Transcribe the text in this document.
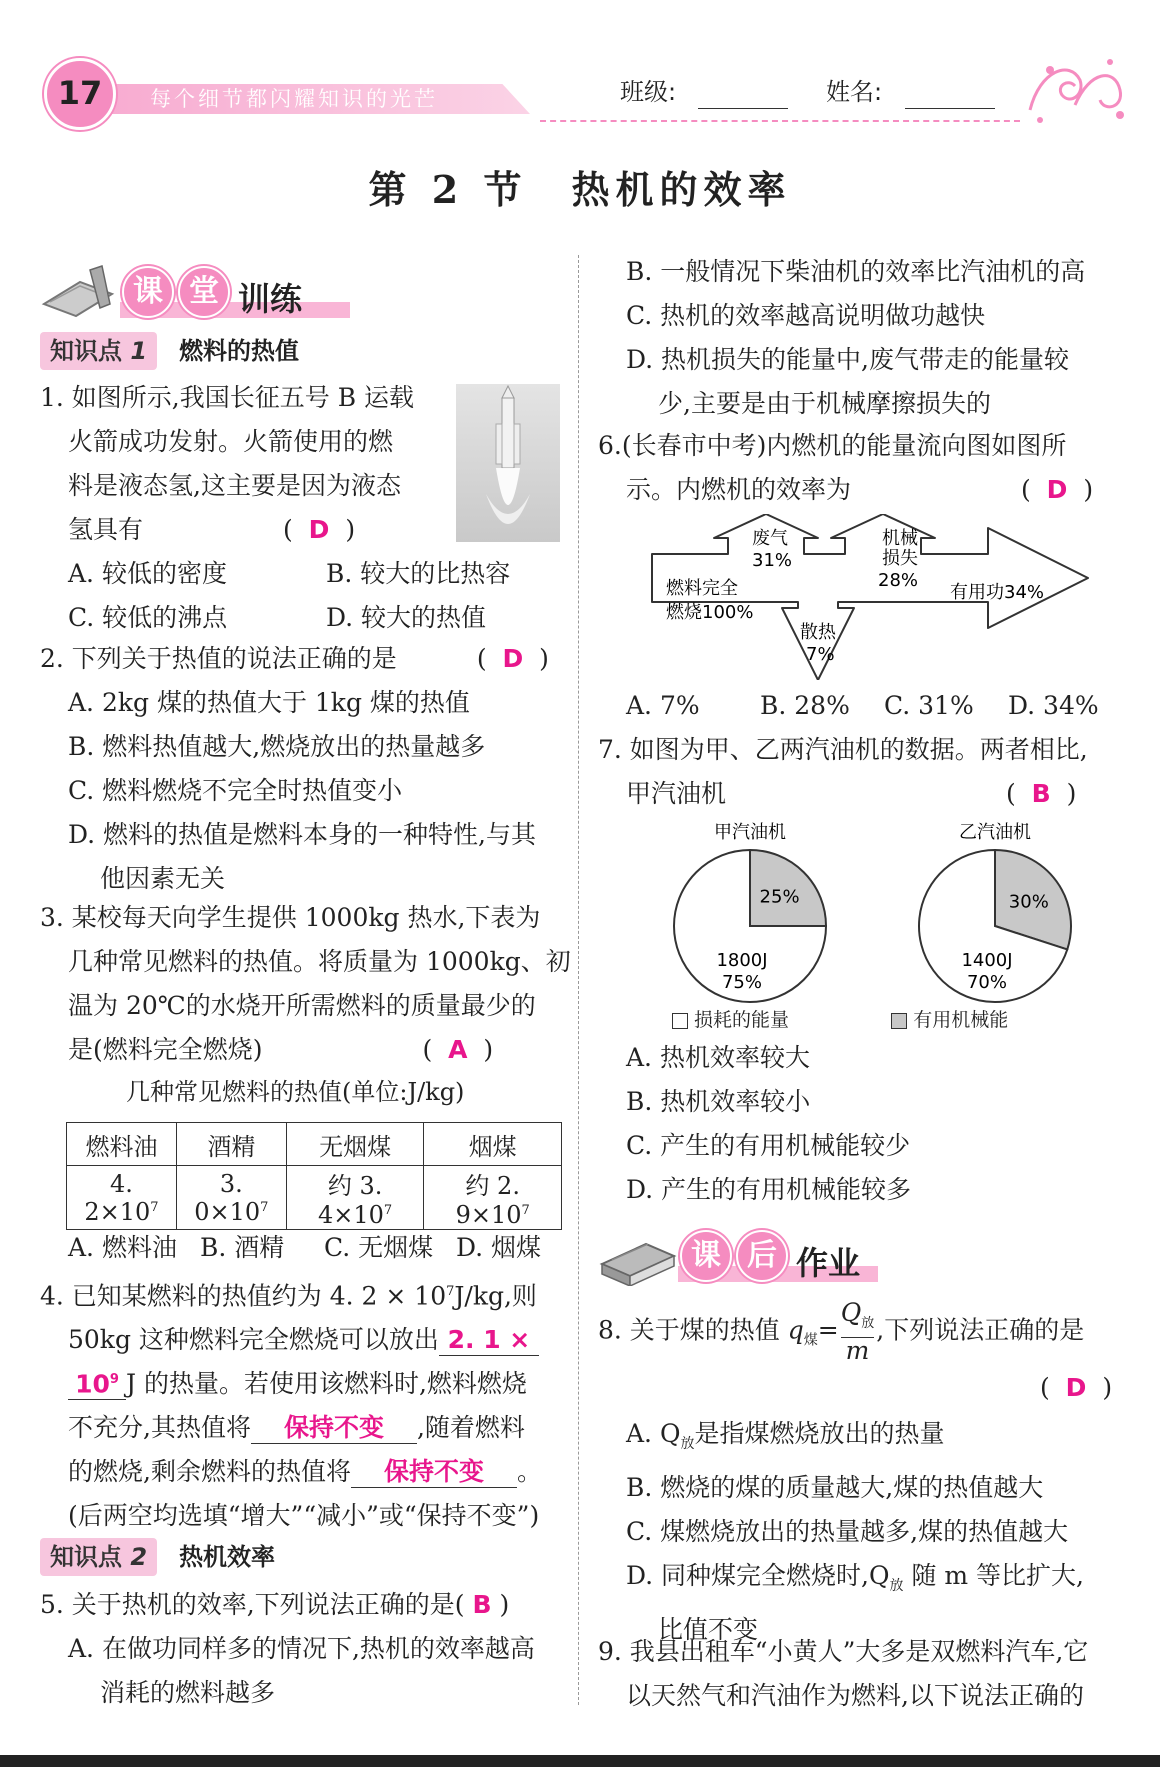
17	每个细节都闪耀知识的光芒	班级:	姓名:
第 2 节　热机的效率
课 堂 训练
知识点 1 燃料的热值
1. 如图所示,我国长征五号 B 运载
火箭成功发射。火箭使用的燃
料是液态氢,这主要是因为液态
氢具有	(  D  )
A. 较低的密度	B. 较大的比热容
C. 较低的沸点	D. 较大的热值
2. 下列关于热值的说法正确的是	(  D  )
A. 2kg 煤的热值大于 1kg 煤的热值
B. 燃料热值越大,燃烧放出的热量越多
C. 燃料燃烧不完全时热值变小
D. 燃料的热值是燃料本身的一种特性,与其
他因素无关
3. 某校每天向学生提供 1000kg 热水,下表为
几种常见燃料的热值。将质量为 1000kg、初
温为 20℃的水烧开所需燃料的质量最少的
是(燃料完全燃烧)	(  A  )
几种常见燃料的热值(单位:J/kg)
燃料油	酒精	无烟煤	烟煤
4. $2\times 10^7$	3. $0\times 10^7$	约 3. $4\times 10^7$	约 2. $9\times 10^7$
A. 燃料油 B. 酒精 C. 无烟煤 D. 烟煤
4. 已知某燃料的热值约为 4. $2 \times 10^7J/kg$,则
50kg 这种燃料完全燃烧可以放出 2. 1 ×
$10^9$ J 的热量。若使用该燃料时,燃料燃烧
不充分,其热值将 保持不变 ,随着燃料
的燃烧,剩余燃料的热值将 保持不变 。
(后两空均选填“增大”“减小”或“保持不变”)
知识点 2 热机效率
5. 关于热机的效率,下列说法正确的是( B )
A. 在做功同样多的情况下,热机的效率越高
消耗的燃料越多
B. 一般情况下柴油机的效率比汽油机的高
C. 热机的效率越高说明做功越快
D. 热机损失的能量中,废气带走的能量较
少,主要是由于机械摩擦损失的
6.(长春市中考)内燃机的能量流向图如图所
示。内燃机的效率为	(  D  )
燃料完全
燃烧100%
废气
31%
机械
损失
28%
有用功34%
散热
7%
A. 7% B. 28% C. 31% D. 34%
7. 如图为甲、乙两汽油机的数据。两者相比,
甲汽油机	(  B  )
甲汽油机	乙汽油机
25%
1800J
75%
30%
1400J
70%
损耗的能量	有用机械能
A. 热机效率较大
B. 热机效率较小
C. 产生的有用机械能较少
D. 产生的有用机械能较多
课 后 作业
8. 关于煤的热值 $q_煤=$
$Q_放$
m
,下列说法正确的是
(  D  )
A. $Q_放$是指煤燃烧放出的热量
B. 燃烧的煤的质量越大,煤的热值越大
C. 煤燃烧放出的热量越多,煤的热值越大
D. 同种煤完全燃烧时$,Q_放$ 随 m 等比扩大,
比值不变
9. 我县出租车“小黄人”大多是双燃料汽车,它
以天然气和汽油作为燃料,以下说法正确的
